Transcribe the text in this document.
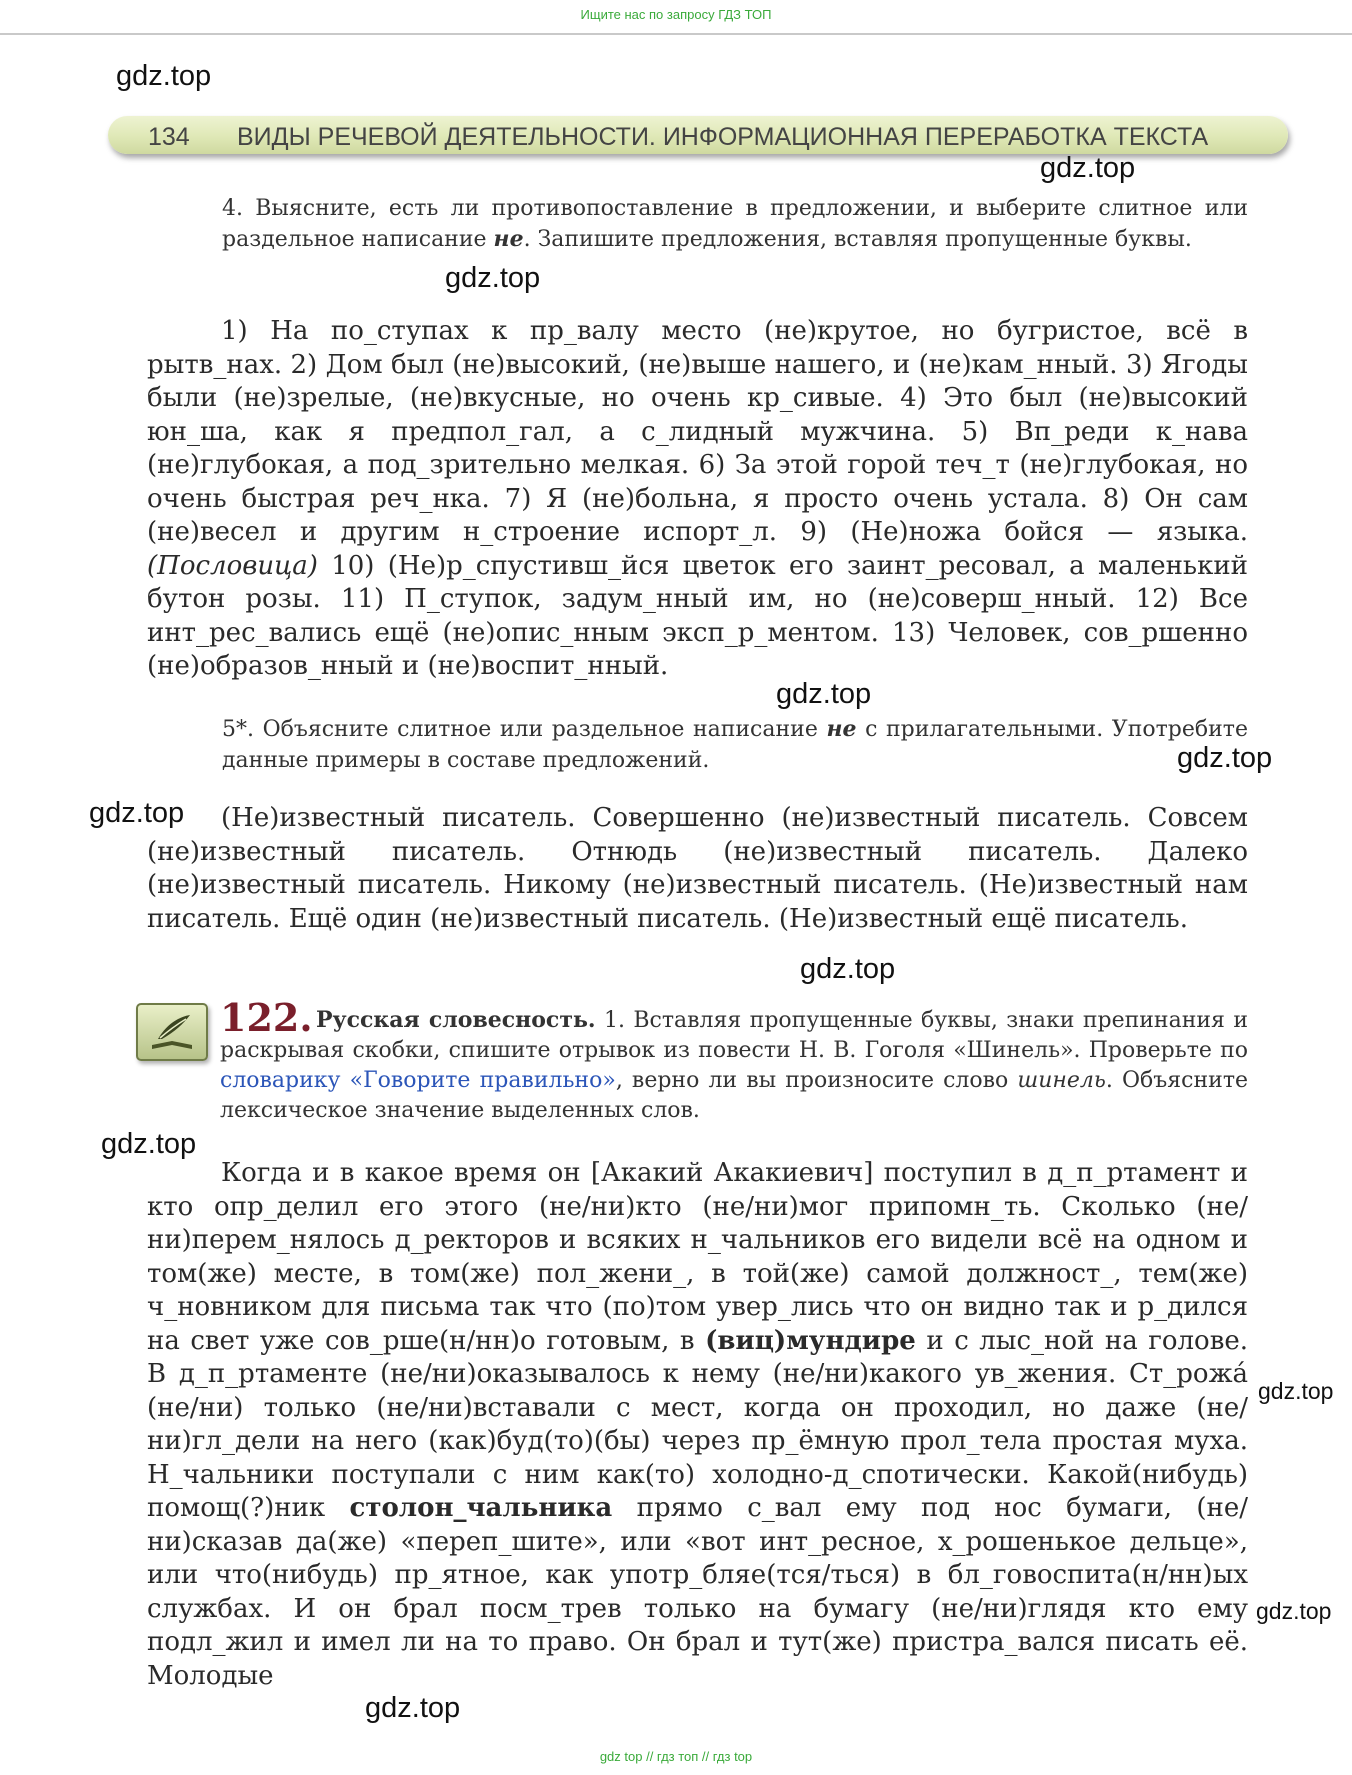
Ищите нас по запросу ГДЗ ТОП
gdz.top
gdz.top
gdz.top
gdz.top
gdz.top
gdz.top
gdz.top
gdz.top
gdz.top
gdz.top
gdz.top
134 ВИДЫ РЕЧЕВОЙ ДЕЯТЕЛЬНОСТИ. ИНФОРМАЦИОННАЯ ПЕРЕРАБОТКА ТЕКСТА
4. Выясните, есть ли противопоставление в предложении, и выберите слитное или раздельное написание не. Запишите предложения, вставляя пропущенные буквы.
1) На по_ступах к пр_валу место (не)крутое, но бугристое, всё в рытв_нах. 2) Дом был (не)высокий, (не)выше нашего, и (не)кам_нный. 3) Ягоды были (не)зрелые, (не)вкусные, но очень кр_сивые. 4) Это был (не)высокий юн_ша, как я предпол_гал, а с_лидный мужчина. 5) Вп_реди к_нава (не)глубокая, а под_зрительно мелкая. 6) За этой горой теч_т (не)глубокая, но очень быстрая реч_нка. 7) Я (не)больна, я просто очень устала. 8) Он сам (не)весел и другим н_строение испорт_л. 9) (Не)ножа бойся — языка. (Пословица) 10) (Не)р_спустивш_йся цветок его заинт_ресовал, а маленький бутон розы. 11) П_ступок, задум_нный им, но (не)соверш_нный. 12) Все инт_рес_вались ещё (не)опис_нным эксп_р_ментом. 13) Человек, сов_ршенно (не)образов_нный и (не)воспит_нный.
5*. Объясните слитное или раздельное написание не с прилагательными. Употребите данные примеры в составе предложений.
(Не)известный писатель. Совершенно (не)известный писатель. Совсем (не)известный писатель. Отнюдь (не)известный писатель. Далеко (не)известный писатель. Никому (не)известный писатель. (Не)известный нам писатель. Ещё один (не)известный писатель. (Не)известный ещё писатель.
122. Русская словесность. 1. Вставляя пропущенные буквы, знаки препинания и раскрывая скобки, спишите отрывок из повести Н. В. Гоголя «Шинель». Проверьте по словарику «Говорите правильно», верно ли вы произносите слово шинель. Объясните лексическое значение выделенных слов.
Когда и в какое время он [Акакий Акакиевич] поступил в д_п_ртамент и кто опр_делил его этого (не/ни)кто (не/ни)мог припомн_ть. Сколько (не/ни)перем_нялось д_ректоров и всяких н_чальников его видели всё на одном и том(же) месте, в том(же) пол_жени_, в той(же) самой должност_, тем(же) ч_новником для письма так что (по)том увер_лись что он видно так и р_дился на свет уже сов_рше(н/нн)о готовым, в (виц)мундире и с лыс_ной на голове. В д_п_ртаменте (не/ни)оказывалось к нему (не/ни)какого ув_жения. Ст_рожа́ (не/ни) только (не/ни)вставали с мест, когда он проходил, но даже (не/ни)гл_дели на него (как)буд(то)(бы) через пр_ёмную прол_тела простая муха. Н_чальники поступали с ним как(то) холодно-д_спотически. Какой(нибудь) помощ(?)ник столон_чальника прямо с_вал ему под нос бумаги, (не/ни)сказав да(же) «переп_шите», или «вот инт_ресное, х_рошенькое дельце», или что(нибудь) пр_ятное, как употр_бляе(тся/ться) в бл_говоспита(н/нн)ых службах. И он брал посм_трев только на бумагу (не/ни)глядя кто ему подл_жил и имел ли на то право. Он брал и тут(же) пристра_вался писать её. Молодые
gdz top // гдз топ // гдз top
